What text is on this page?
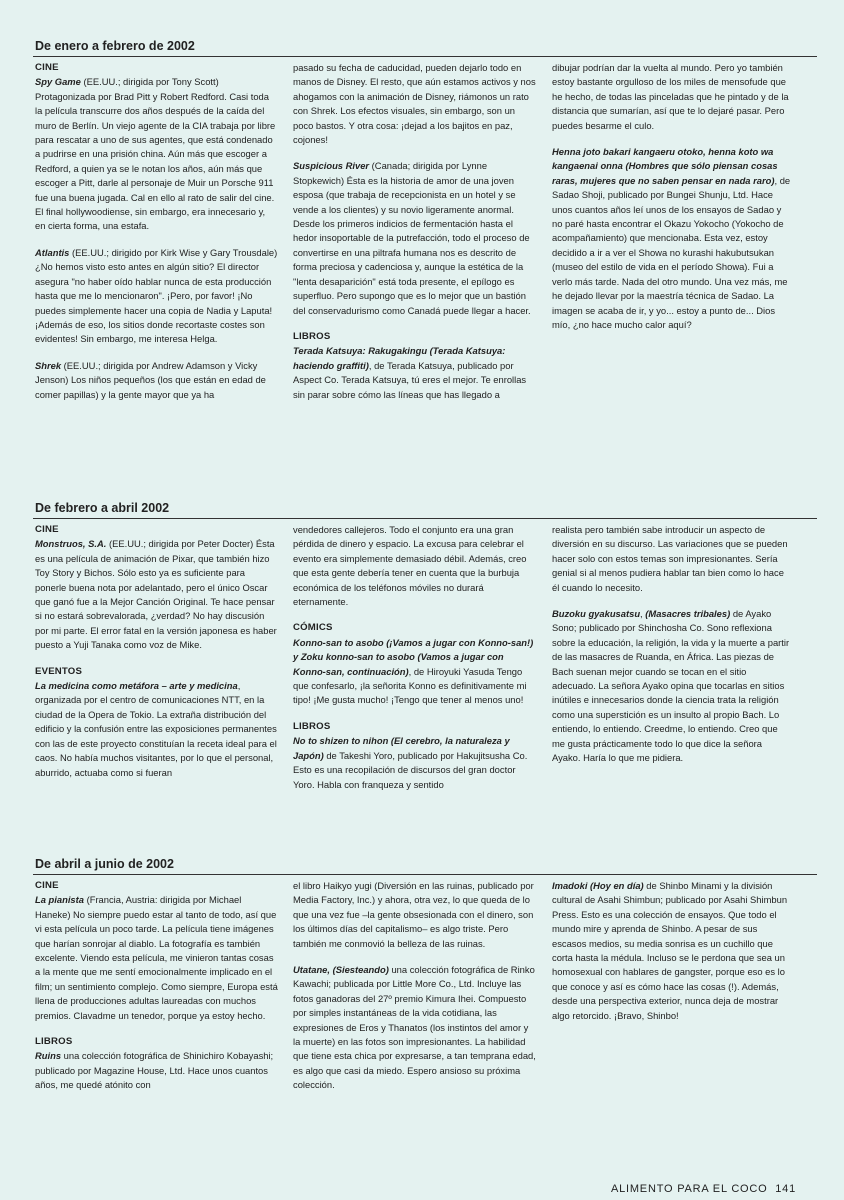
De enero a febrero de 2002
CINE

Spy Game (EE.UU.; dirigida por Tony Scott) Protagonizada por Brad Pitt y Robert Redford. Casi toda la película transcurre dos años después de la caída del muro de Berlín. Un viejo agente de la CIA trabaja por libre para rescatar a uno de sus agentes, que está condenado a pudrirse en una prisión china. Aún más que escoger a Redford, a quien ya se le notan los años, aún más que escoger a Pitt, darle al personaje de Muir un Porsche 911 fue una buena jugada. Cal en ello al rato de salir del cine. El final hollywoodiense, sin embargo, era innecesario y, en cierta forma, una estafa.

Atlantis (EE.UU.; dirigido por Kirk Wise y Gary Trousdale) ¿No hemos visto esto antes en algún sitio? El director asegura "no haber oído hablar nunca de esta producción hasta que me lo mencionaron". ¡Pero, por favor! ¡No puedes simplemente hacer una copia de Nadia y Laputa! ¡Además de eso, los sitios donde recortaste costes son evidentes! Sin embargo, me interesa Helga.

Shrek (EE.UU.; dirigida por Andrew Adamson y Vicky Jenson) Los niños pequeños (los que están en edad de comer papillas) y la gente mayor que ya ha

pasado su fecha de caducidad, pueden dejarlo todo en manos de Disney. El resto, que aún estamos activos y nos ahogamos con la animación de Disney, riámonos un rato con Shrek. Los efectos visuales, sin embargo, son un poco bastos. Y otra cosa: ¡dejad a los bajitos en paz, cojones!

Suspicious River (Canada; dirigida por Lynne Stopkewich) Ésta es la historia de amor de una joven esposa (que trabaja de recepcionista en un hotel y se vende a los clientes) y su novio ligeramente anormal. Desde los primeros indicios de fermentación hasta el hedor insoportable de la putrefacción, todo el proceso de convertirse en una piltrafa humana nos es descrito de forma preciosa y cadenciosa y, aunque la estética de la "lenta desaparición" está toda presente, el epílogo es superfluo. Pero supongo que es lo mejor que un bastión del conservadurismo como Canadá puede llegar a hacer.

LIBROS

Terada Katsuya: Rakugakingu (Terada Katsuya: haciendo graffiti), de Terada Katsuya, publicado por Aspect Co. Terada Katsuya, tú eres el mejor. Te enrollas sin parar sobre cómo las líneas que has llegado a

dibujar podrían dar la vuelta al mundo. Pero yo también estoy bastante orgulloso de los miles de mensofude que he hecho, de todas las pinceladas que he pintado y de la distancia que sumarían, así que te lo dejaré pasar. Pero puedes besarme el culo.

Henna joto bakari kangaeru otoko, henna koto wa kangaenai onna (Hombres que sólo piensan cosas raras, mujeres que no saben pensar en nada raro), de Sadao Shoji, publicado por Bungei Shunju, Ltd. Hace unos cuantos años leí unos de los ensayos de Sadao y no paré hasta encontrar el Okazu Yokocho (Yokocho de acompañamiento) que mencionaba. Esta vez, estoy decidido a ir a ver el Showa no kurashi hakubutsukan (museo del estilo de vida en el período Showa). Fui a verlo más tarde. Nada del otro mundo. Una vez más, me he dejado llevar por la maestría técnica de Sadao. La imagen se acaba de ir, y yo... estoy a punto de... Dios mío, ¿no hace mucho calor aquí?

De febrero a abril 2002
CINE

Monstruos, S.A. (EE.UU.; dirigida por Peter Docter) Ésta es una película de animación de Pixar, que también hizo Toy Story y Bichos. Sólo esto ya es suficiente para ponerle buena nota por adelantado, pero el único Oscar que ganó fue a la Mejor Canción Original. Te hace pensar si no estará sobrevalorada, ¿verdad? No hay discusión por mi parte. El error fatal en la versión japonesa es haber puesto a Yuji Tanaka como voz de Mike.

EVENTOS

La medicina como metáfora – arte y medicina, organizada por el centro de comunicaciones NTT, en la ciudad de la Opera de Tokio. La extraña distribución del edificio y la confusión entre las exposiciones permanentes con las de este proyecto constituían la receta ideal para el caos. No había muchos visitantes, por lo que el personal, aburrido, actuaba como si fueran

vendedores callejeros. Todo el conjunto era una gran pérdida de dinero y espacio. La excusa para celebrar el evento era simplemente demasiado débil. Además, creo que esta gente debería tener en cuenta que la burbuja económica de los teléfonos móviles no durará eternamente.

CÓMICS

Konno-san to asobo (¡Vamos a jugar con Konno-san!) y Zoku konno-san to asobo (Vamos a jugar con Konno-san, continuación), de Hiroyuki Yasuda Tengo que confesarlo, ¡la señorita Konno es definitivamente mi tipo! ¡Me gusta mucho! ¡Tengo que tener al menos uno!

LIBROS

No to shizen to nihon (El cerebro, la naturaleza y Japón) de Takeshi Yoro, publicado por Hakujitsusha Co. Esto es una recopilación de discursos del gran doctor Yoro. Habla con franqueza y sentido

realista pero también sabe introducir un aspecto de diversión en su discurso. Las variaciones que se pueden hacer solo con estos temas son impresionantes. Sería genial si al menos pudiera hablar tan bien como lo hace él cuando lo necesito.

Buzoku gyakusatsu, (Masacres tribales) de Ayako Sono; publicado por Shinchosha Co. Sono reflexiona sobre la educación, la religión, la vida y la muerte a partir de las masacres de Ruanda, en África. Las piezas de Bach suenan mejor cuando se tocan en el sitio adecuado. La señora Ayako opina que tocarlas en sitios inútiles e innecesarios donde la ciencia trata la religión como una superstición es un insulto al propio Bach. Lo entiendo, lo entiendo. Creedme, lo entiendo. Creo que me gusta prácticamente todo lo que dice la señora Ayako. Haría lo que me pidiera.

De abril a junio de 2002
CINE

La pianista (Francia, Austria: dirigida por Michael Haneke) No siempre puedo estar al tanto de todo, así que vi esta película un poco tarde. La película tiene imágenes que harían sonrojar al diablo. La fotografía es también excelente. Viendo esta película, me vinieron tantas cosas a la mente que me sentí emocionalmente implicado en el film; un sentimiento complejo. Como siempre, Europa está llena de producciones adultas laureadas con muchos premios. Clavadme un tenedor, porque ya estoy hecho.

LIBROS

Ruins una colección fotográfica de Shinichiro Kobayashi; publicado por Magazine House, Ltd. Hace unos cuantos años, me quedé atónito con

el libro Haikyo yugi (Diversión en las ruinas, publicado por Media Factory, Inc.) y ahora, otra vez, lo que queda de lo que una vez fue –la gente obsesionada con el dinero, son los últimos días del capitalismo– es algo triste. Pero también me conmovió la belleza de las ruinas.

Utatane, (Siesteando) una colección fotográfica de Rinko Kawachi; publicada por Little More Co., Ltd. Incluye las fotos ganadoras del 27º premio Kimura Ihei. Compuesto por simples instantáneas de la vida cotidiana, las expresiones de Eros y Thanatos (los instintos del amor y la muerte) en las fotos son impresionantes. La habilidad que tiene esta chica por expresarse, a tan temprana edad, es algo que casi da miedo. Espero ansioso su próxima colección.

Imadoki (Hoy en día) de Shinbo Minami y la división cultural de Asahi Shimbun; publicado por Asahi Shimbun Press. Esto es una colección de ensayos. Que todo el mundo mire y aprenda de Shinbo. A pesar de sus escasos medios, su media sonrisa es un cuchillo que corta hasta la médula. Incluso se le perdona que sea un homosexual con hablares de gangster, porque eso es lo que conoce y así es cómo hace las cosas (!). Además, desde una perspectiva exterior, nunca deja de mostrar algo retorcido. ¡Bravo, Shinbo!

ALIMENTO PARA EL COCO 141
